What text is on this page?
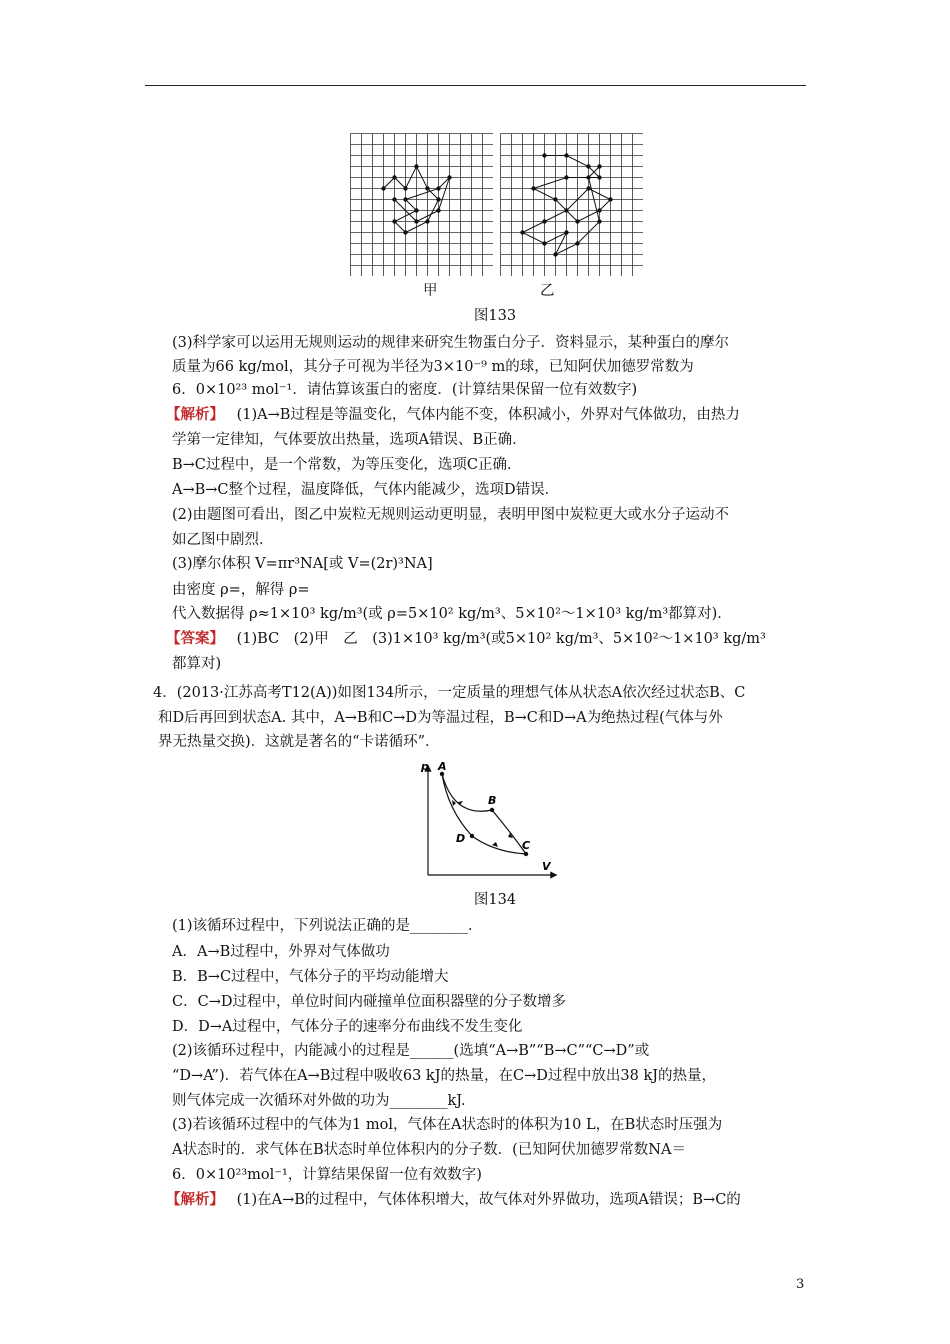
甲	乙
图133
(3)科学家可以运用无规则运动的规律来研究生物蛋白分子．资料显示，某种蛋白的摩尔
质量为66 kg/mol，其分子可视为半径为3×10⁻⁹ m的球，已知阿伏加德罗常数为
6．0×10²³ mol⁻¹．请估算该蛋白的密度．(计算结果保留一位有效数字)
【解析】 (1)A→B过程是等温变化，气体内能不变，体积减小，外界对气体做功，由热力
学第一定律知，气体要放出热量，选项A错误、B正确．
B→C过程中，是一个常数，为等压变化，选项C正确．
A→B→C整个过程，温度降低，气体内能减少，选项D错误．
(2)由题图可看出，图乙中炭粒无规则运动更明显，表明甲图中炭粒更大或水分子运动不
如乙图中剧烈．
(3)摩尔体积 V=πr³NA[或 V=(2r)³NA]
由密度 ρ=，解得 ρ=
代入数据得 ρ≈1×10³ kg/m³(或 ρ=5×10² kg/m³、5×10²～1×10³ kg/m³都算对)．
【答案】 (1)BC　(2)甲　乙　(3)1×10³ kg/m³(或5×10² kg/m³、5×10²～1×10³ kg/m³
都算对)
4．(2013·江苏高考T12(A))如图134所示，一定质量的理想气体从状态A依次经过状态B、C
和D后再回到状态A. 其中，A→B和C→D为等温过程，B→C和D→A为绝热过程(气体与外
界无热量交换)．这就是著名的“卡诺循环”．
p
V
A
B
C
D
图134
(1)该循环过程中，下列说法正确的是________．
A．A→B过程中，外界对气体做功
B．B→C过程中，气体分子的平均动能增大
C．C→D过程中，单位时间内碰撞单位面积器壁的分子数增多
D．D→A过程中，气体分子的速率分布曲线不发生变化
(2)该循环过程中，内能减小的过程是______(选填“A→B”“B→C”“C→D”或
“D→A”)．若气体在A→B过程中吸收63 kJ的热量，在C→D过程中放出38 kJ的热量，
则气体完成一次循环对外做的功为________kJ.
(3)若该循环过程中的气体为1 mol，气体在A状态时的体积为10 L，在B状态时压强为
A状态时的．求气体在B状态时单位体积内的分子数．(已知阿伏加德罗常数NA＝
6．0×10²³mol⁻¹，计算结果保留一位有效数字)
【解析】 (1)在A→B的过程中，气体体积增大，故气体对外界做功，选项A错误；B→C的
3
